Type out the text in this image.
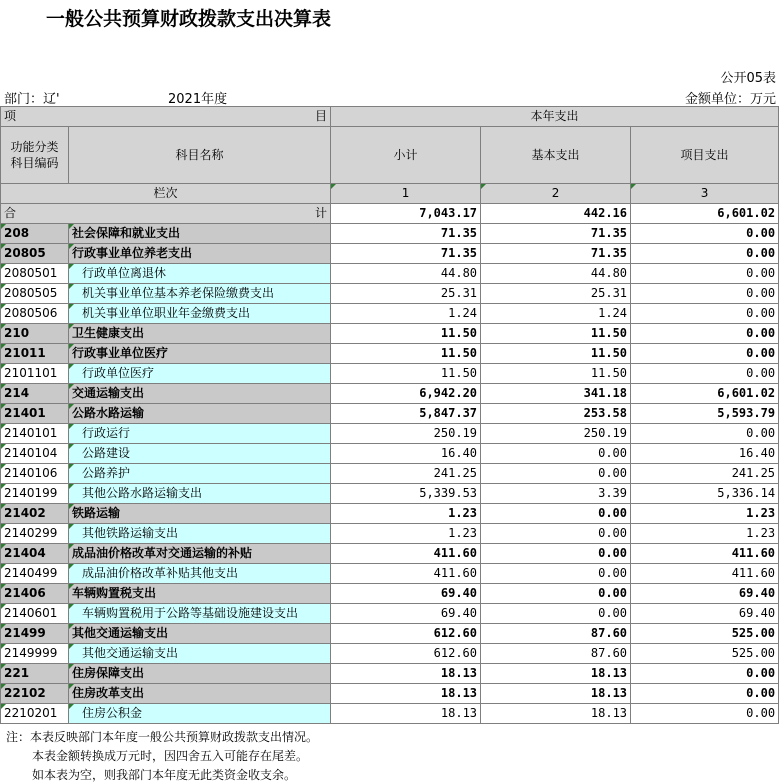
一般公共预算财政拨款支出决算表
公开05表
部门：辽'	2021年度	金额单位：万元
项 目		本年支出		
功能分类科目编码	科目名称	小计	基本支出	项目支出
栏次		1	2	3
合 计		7,043.17	442.16	6,601.02
208	社会保障和就业支出	71.35	71.35	0.00
20805	行政事业单位养老支出	71.35	71.35	0.00
2080501	行政单位离退休	44.80	44.80	0.00
2080505	机关事业单位基本养老保险缴费支出	25.31	25.31	0.00
2080506	机关事业单位职业年金缴费支出	1.24	1.24	0.00
210	卫生健康支出	11.50	11.50	0.00
21011	行政事业单位医疗	11.50	11.50	0.00
2101101	行政单位医疗	11.50	11.50	0.00
214	交通运输支出	6,942.20	341.18	6,601.02
21401	公路水路运输	5,847.37	253.58	5,593.79
2140101	行政运行	250.19	250.19	0.00
2140104	公路建设	16.40	0.00	16.40
2140106	公路养护	241.25	0.00	241.25
2140199	其他公路水路运输支出	5,339.53	3.39	5,336.14
21402	铁路运输	1.23	0.00	1.23
2140299	其他铁路运输支出	1.23	0.00	1.23
21404	成品油价格改革对交通运输的补贴	411.60	0.00	411.60
2140499	成品油价格改革补贴其他支出	411.60	0.00	411.60
21406	车辆购置税支出	69.40	0.00	69.40
2140601	车辆购置税用于公路等基础设施建设支出	69.40	0.00	69.40
21499	其他交通运输支出	612.60	87.60	525.00
2149999	其他交通运输支出	612.60	87.60	525.00
221	住房保障支出	18.13	18.13	0.00
22102	住房改革支出	18.13	18.13	0.00
2210201	住房公积金	18.13	18.13	0.00
注：本表反映部门本年度一般公共预算财政拨款支出情况。
本表金额转换成万元时，因四舍五入可能存在尾差。
如本表为空，则我部门本年度无此类资金收支余。
